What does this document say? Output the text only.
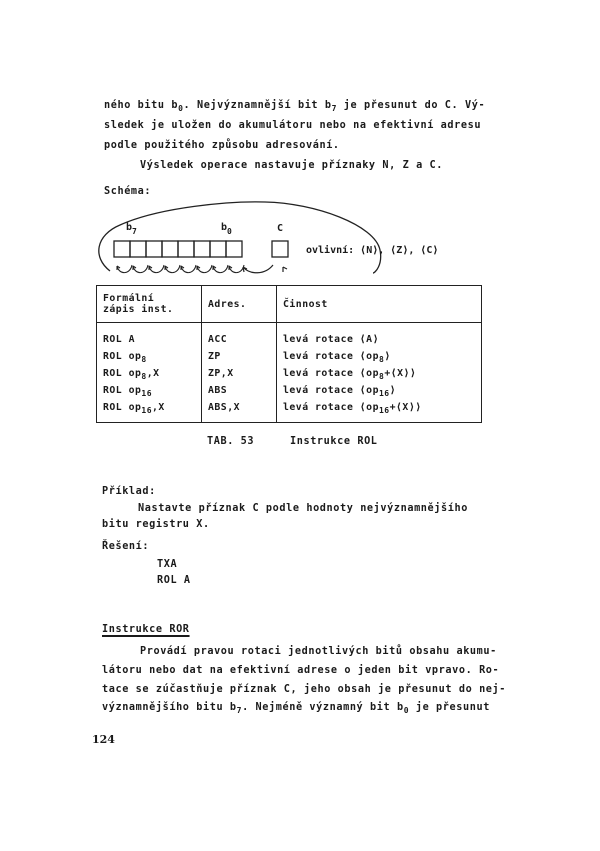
ného bitu $b_0$. Nejvýznamnější bit $b_7$ je přesunut do C. Vý-
sledek je uložen do akumulátoru nebo na efektivní adresu
podle použitého způsobu adresování.
Výsledek operace nastavuje příznaky N, Z a C.
Schéma:
$b_7$	$b_0$	C
ovlivní: ⟨N⟩, ⟨Z⟩, ⟨C⟩
Formální
zápis inst.	Adres.	Činnost
ROL A	ACC	levá rotace ⟨A⟩
ROL $op_8$	ZP	levá rotace $⟨op_8⟩$
ROL $op_8,X$	ZP,X	levá rotace $⟨op_8+⟨X⟩⟩$
ROL $op_{16}$	ABS	levá rotace $⟨op_{16}⟩$
ROL $op_{16},X$	ABS,X	levá rotace $⟨op_{16}+⟨X⟩⟩$
TAB. 53	Instrukce ROL
Příklad:
Nastavte příznak C podle hodnoty nejvýznamnějšího
bitu registru X.
Řešení:
TXA
ROL A
Instrukce ROR
Provádí pravou rotaci jednotlivých bitů obsahu akumu-
látoru nebo dat na efektivní adrese o jeden bit vpravo. Ro-
tace se zúčastňuje příznak C, jeho obsah je přesunut do nej-
významnějšího bitu $b_7$. Nejméně významný bit $b_0$ je přesunut
124
